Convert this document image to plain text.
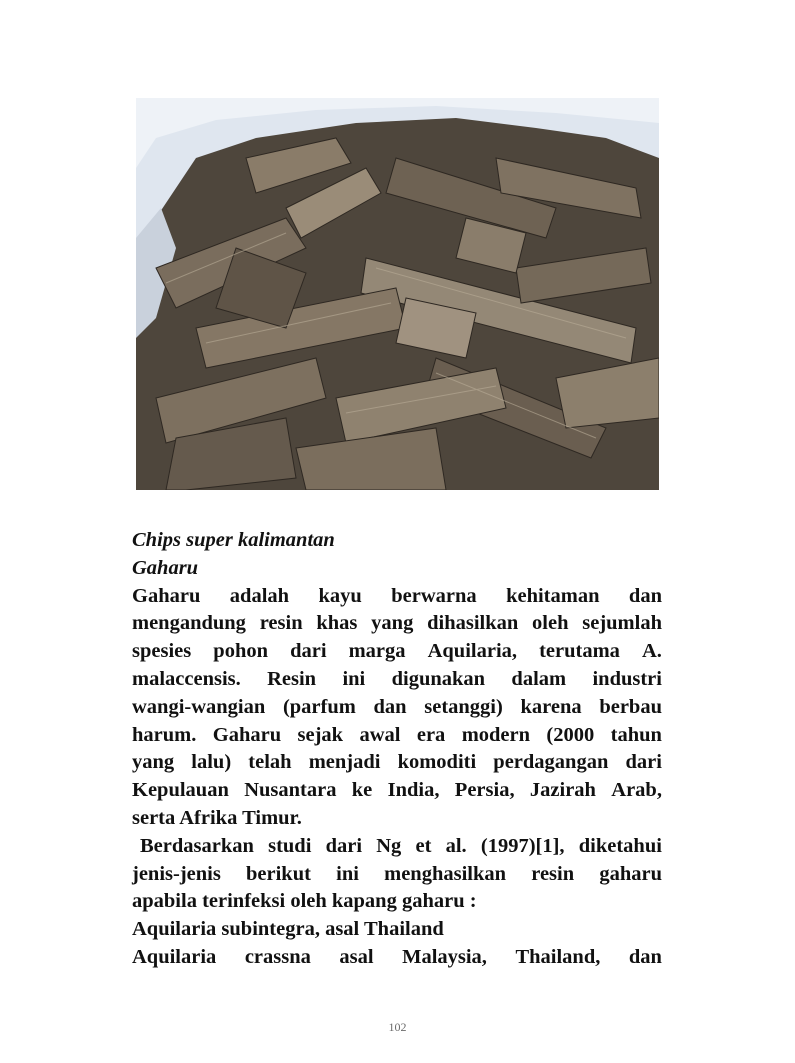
Chips super kalimantan
Gaharu
Gaharu adalah kayu berwarna kehitaman dan
mengandung resin khas yang dihasilkan oleh sejumlah
spesies pohon dari marga Aquilaria, terutama A.
malaccensis. Resin ini digunakan dalam industri
wangi-wangian (parfum dan setanggi) karena berbau
harum. Gaharu sejak awal era modern (2000 tahun
yang lalu) telah menjadi komoditi perdagangan dari
Kepulauan Nusantara ke India, Persia, Jazirah Arab,
serta Afrika Timur.
Berdasarkan studi dari Ng et al. (1997)[1], diketahui
jenis-jenis berikut ini menghasilkan resin gaharu
apabila terinfeksi oleh kapang gaharu :
Aquilaria subintegra, asal Thailand
Aquilaria crassna asal Malaysia, Thailand, dan
102
